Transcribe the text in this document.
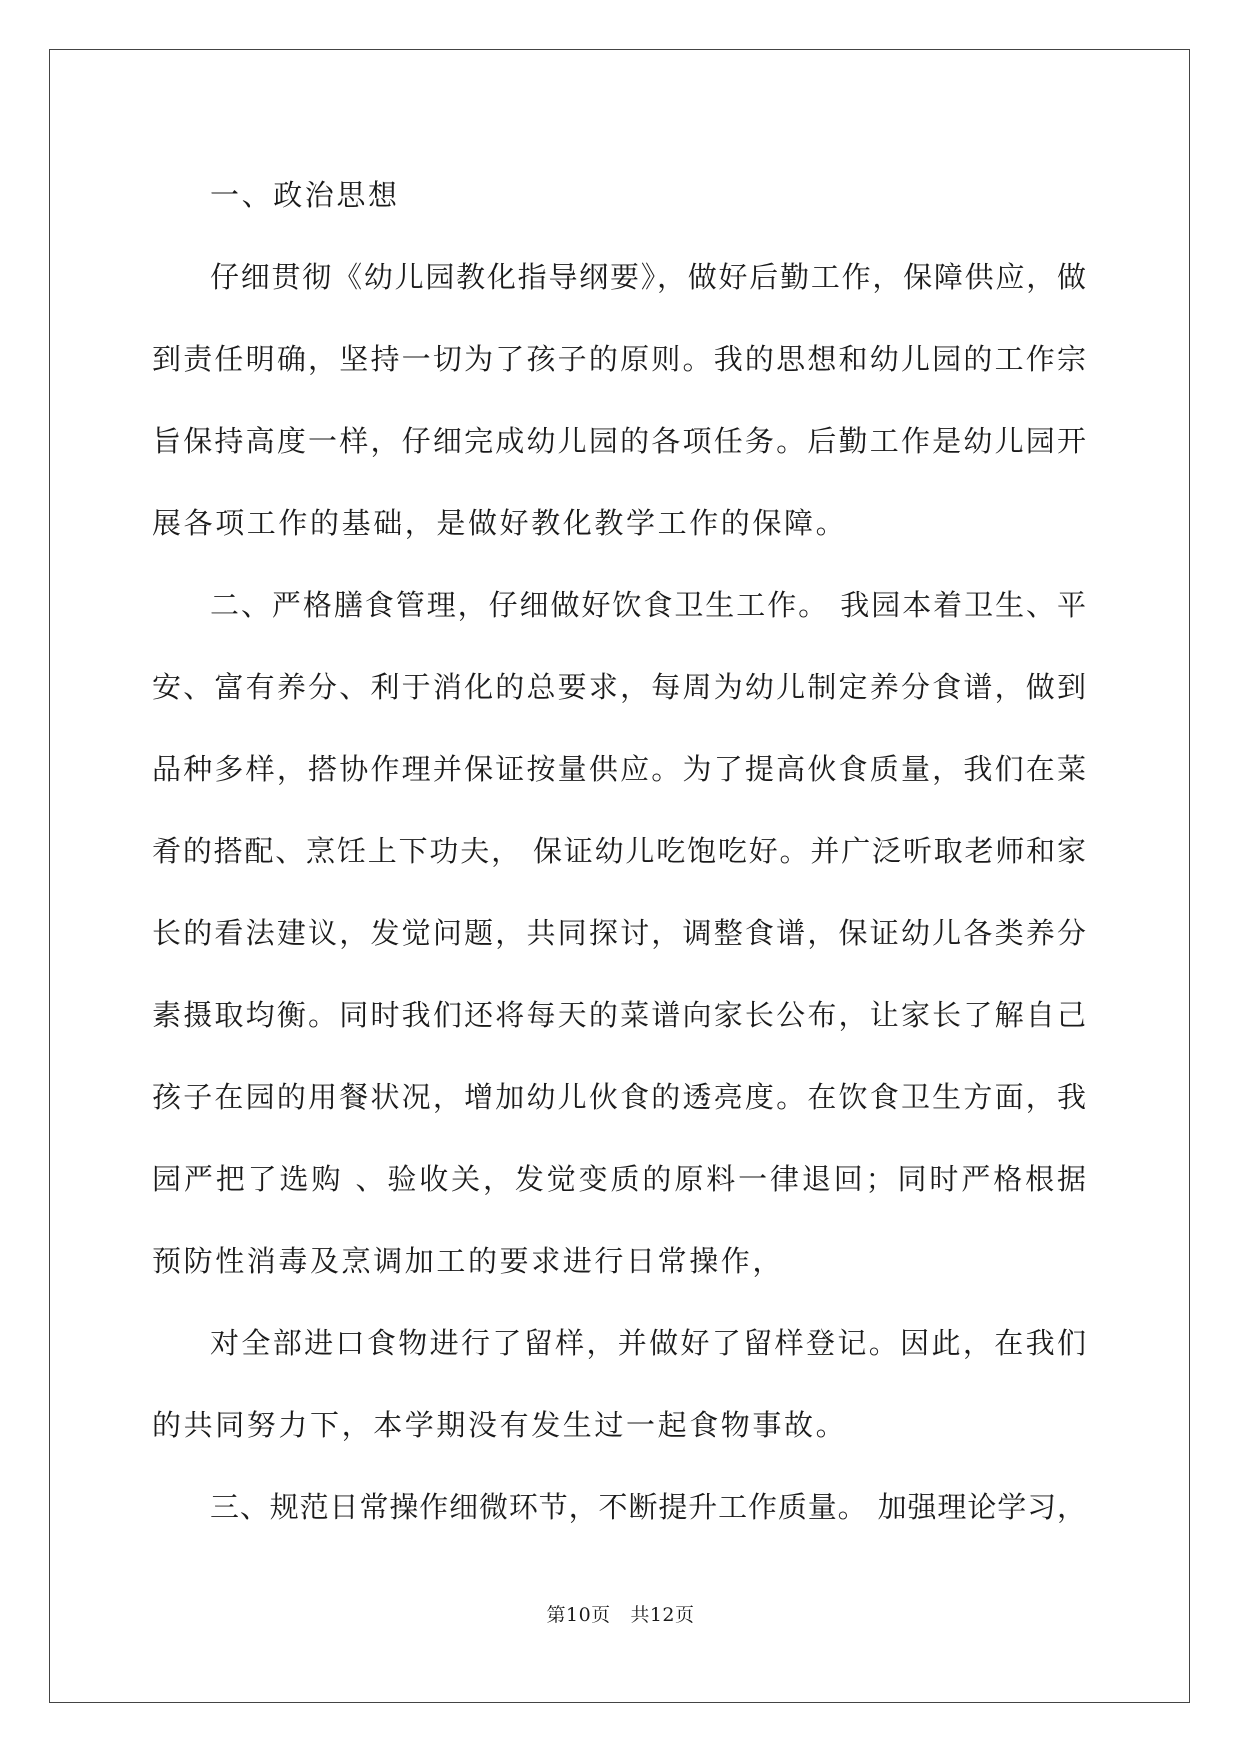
一、政治思想
仔细贯彻《幼儿园教化指导纲要》，做好后勤工作，保障供应，做
到责任明确，坚持一切为了孩子的原则。我的思想和幼儿园的工作宗
旨保持高度一样，仔细完成幼儿园的各项任务。后勤工作是幼儿园开
展各项工作的基础，是做好教化教学工作的保障。
二、严格膳食管理，仔细做好饮食卫生工作。 我园本着卫生、平
安、富有养分、利于消化的总要求，每周为幼儿制定养分食谱，做到
品种多样，搭协作理并保证按量供应。为了提高伙食质量，我们在菜
肴的搭配、烹饪上下功夫， 保证幼儿吃饱吃好。并广泛听取老师和家
长的看法建议，发觉问题，共同探讨，调整食谱，保证幼儿各类养分
素摄取均衡。同时我们还将每天的菜谱向家长公布，让家长了解自己
孩子在园的用餐状况，增加幼儿伙食的透亮度。在饮食卫生方面，我
园严把了选购 、验收关，发觉变质的原料一律退回；同时严格根据
预防性消毒及烹调加工的要求进行日常操作，
对全部进口食物进行了留样，并做好了留样登记。因此，在我们
的共同努力下，本学期没有发生过一起食物事故。
三、规范日常操作细微环节，不断提升工作质量。 加强理论学习，
第10页 共12页
